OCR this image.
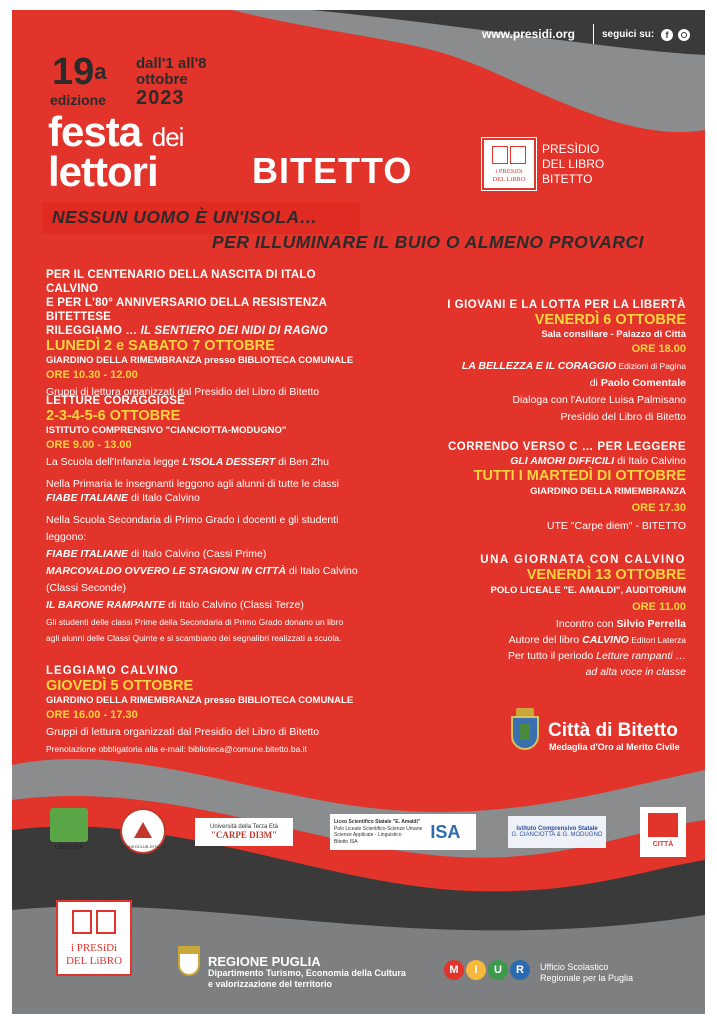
www.presidi.org	seguici su:	f
19$^a$
edizione
dall'1 all'8
ottobre
2023
festa dei
lettori	BITETTO	i PRESiDi
DEL LiBRO
PRESÌDIO
DEL LIBRO
BITETTO
NESSUN UOMO È UN'ISOLA…
PER ILLUMINARE IL BUIO O ALMENO PROVARCI
PER IL CENTENARIO DELLA NASCITA DI ITALO CALVINO
E PER L'80° ANNIVERSARIO DELLA RESISTENZA BITETTESE
RILEGGIAMO … IL SENTIERO DEI NIDI DI RAGNO
LUNEDÌ 2 e SABATO 7 OTTOBRE
GIARDINO DELLA RIMEMBRANZA presso BIBLIOTECA COMUNALE
ORE 10.30 - 12.00
Gruppi di lettura organizzati dal Presidio del Libro di Bitetto
LETTURE CORAGGIOSE
2-3-4-5-6 OTTOBRE
ISTITUTO COMPRENSIVO "CIANCIOTTA-MODUGNO"
ORE 9.00 - 13.00
La Scuola dell'Infanzia legge L'ISOLA DESSERT di Ben Zhu
Nella Primaria le insegnanti leggono agli alunni di tutte le classi
FIABE ITALIANE di Italo Calvino
Nella Scuola Secondaria di Primo Grado i docenti e gli studenti
leggono:
FIABE ITALIANE di Italo Calvino (Cassi Prime)
MARCOVALDO OVVERO LE STAGIONI IN CITTÀ di Italo Calvino
(Classi Seconde)
IL BARONE RAMPANTE di Italo Calvino (Classi Terze)
Gli studenti delle classi Prime della Secondaria di Primo Grado donano un libro
agli alunni delle Classi Quinte e si scambiano dei segnalibri realizzati a scuola.
LEGGIAMO CALVINO
GIOVEDÌ 5 OTTOBRE
GIARDINO DELLA RIMEMBRANZA presso BIBLIOTECA COMUNALE
ORE 16.00 - 17.30
Gruppi di lettura organizzati dal Presidio del Libro di Bitetto
Prenotazione obbligatoria alla e-mail: biblioteca@comune.bitetto.ba.it
I GIOVANI E LA LOTTA PER LA LIBERTÀ
VENERDÌ 6 OTTOBRE
Sala consiliare - Palazzo di Città
ORE 18.00
LA BELLEZZA E IL CORAGGIO Edizioni di Pagina
di Paolo Comentale
Dialoga con l'Autore Luisa Palmisano
Presìdio del Libro di Bitetto
CORRENDO VERSO C … PER LEGGERE
GLI AMORI DIFFICILI di Italo Calvino
TUTTI I MARTEDÌ DI OTTOBRE
GIARDINO DELLA RIMEMBRANZA
ORE 17.30
UTE "Carpe diem" - BITETTO
UNA GIORNATA CON CALVINO
VENERDÌ 13 OTTOBRE
POLO LICEALE "E. AMALDI", AUDITORIUM
ORE 11.00
Incontro con Silvio Perrella
Autore del libro CALVINO Editori Laterza
Per tutto il periodo Letture rampanti …
ad alta voce in classe
Città di Bitetto
Medaglia d'Oro al Merito Civile
LIBRERIA	ARCHEOCLUB D'ITALIA
Università della Terza Età
"CARPE DI3M"
Liceo Scientifico Statale "E. Amaldi"
Polo Liceale Scientifico-Scienze Umane
Scienze Applicate - Linguistico
Bitetto ISA	ISA	Istituto Comprensivo Statale
G. CIANCIOTTA & G. MODUGNO
CITTÀ
i PRESiDi
DEL LiBRO	REGIONE PUGLIA
Dipartimento Turismo, Economia della Cultura
e valorizzazione del territorio
M	I	U	R	Ufficio Scolastico
Regionale per la Puglia
